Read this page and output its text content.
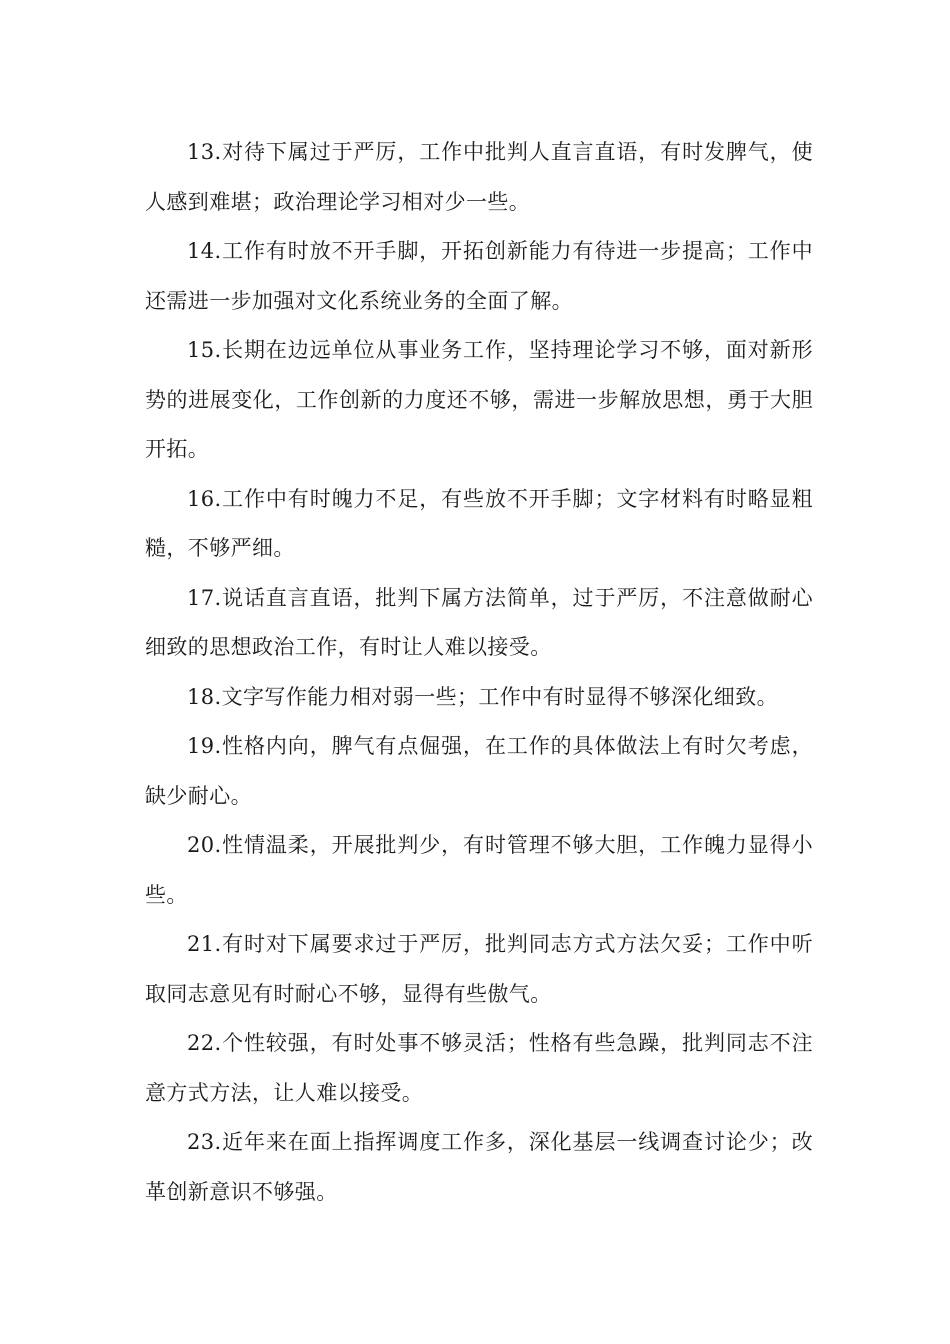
13.对待下属过于严厉，工作中批判人直言直语，有时发脾气，使人感到难堪；政治理论学习相对少一些。

14.工作有时放不开手脚，开拓创新能力有待进一步提高；工作中还需进一步加强对文化系统业务的全面了解。

15.长期在边远单位从事业务工作，坚持理论学习不够，面对新形势的进展变化，工作创新的力度还不够，需进一步解放思想，勇于大胆开拓。

16.工作中有时魄力不足，有些放不开手脚；文字材料有时略显粗糙，不够严细。

17.说话直言直语，批判下属方法简单，过于严厉，不注意做耐心细致的思想政治工作，有时让人难以接受。

18.文字写作能力相对弱一些；工作中有时显得不够深化细致。

19.性格内向，脾气有点倔强，在工作的具体做法上有时欠考虑，缺少耐心。

20.性情温柔，开展批判少，有时管理不够大胆，工作魄力显得小些。

21.有时对下属要求过于严厉，批判同志方式方法欠妥；工作中听取同志意见有时耐心不够，显得有些傲气。

22.个性较强，有时处事不够灵活；性格有些急躁，批判同志不注意方式方法，让人难以接受。

23.近年来在面上指挥调度工作多，深化基层一线调查讨论少；改革创新意识不够强。
